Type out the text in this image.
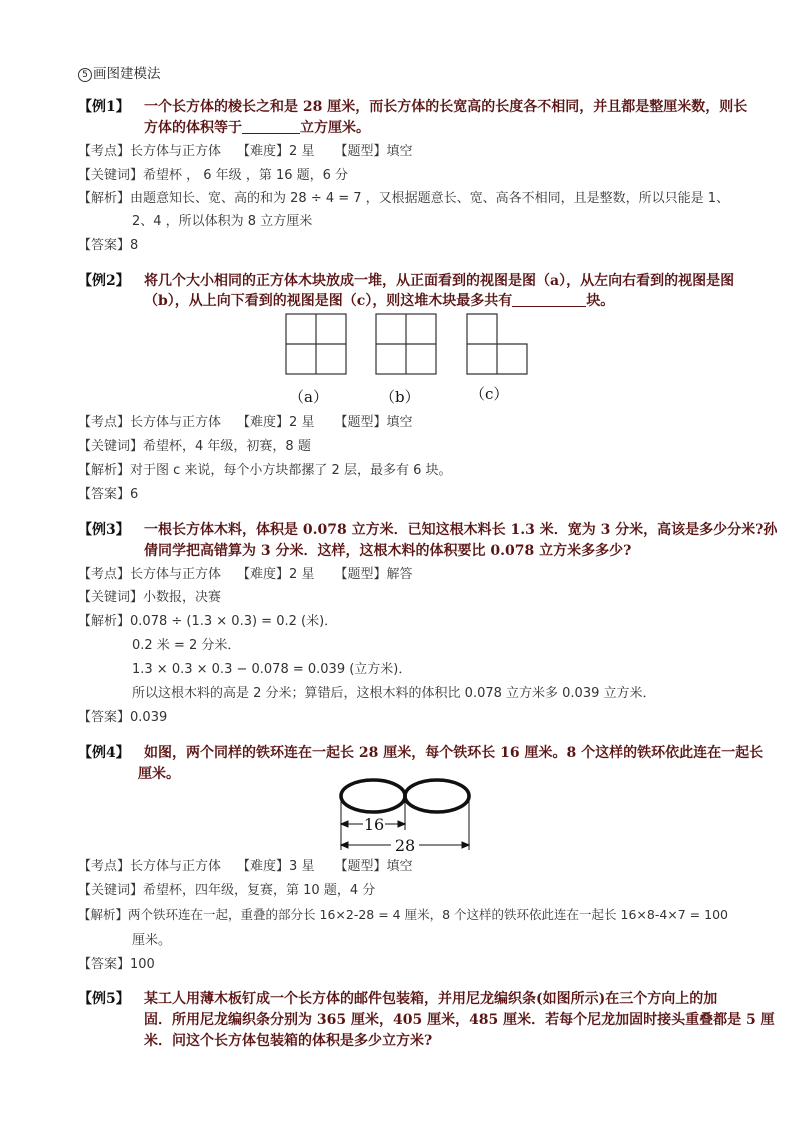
5 画图建模法
【例1】 一个长方体的棱长之和是 28 厘米，而长方体的长宽高的长度各不相同，并且都是整厘米数，则长
方体的体积等于	立方厘米。
【考点】长方体与正方体 【难度】2 星 【题型】填空
【关键词】希望杯 ， 6 年级 ，第 16 题，6 分
【解析】由题意知长、宽、高的和为 28 ÷ 4 = 7 ，又根据题意长、宽、高各不相同，且是整数，所以只能是 1、
2、4 ，所以体积为 8 立方厘米
【答案】8
【例2】 将几个大小相同的正方体木块放成一堆，从正面看到的视图是图（a），从左向右看到的视图是图
（b），从上向下看到的视图是图（c），则这堆木块最多共有	块。
（a）	（b）	（c）
【考点】长方体与正方体 【难度】2 星 【题型】填空
【关键词】希望杯，4 年级，初赛，8 题
【解析】对于图 c 来说，每个小方块都摞了 2 层，最多有 6 块。
【答案】6
【例3】 一根长方体木料，体积是 0.078 立方米．已知这根木料长 1.3 米．宽为 3 分米，高该是多少分米?孙
倩同学把高错算为 3 分米．这样，这根木料的体积要比 0.078 立方米多多少?
【考点】长方体与正方体 【难度】2 星 【题型】解答
【关键词】小数报，决赛
【解析】0.078 ÷ (1.3 × 0.3) = 0.2 (米)．
0.2 米 = 2 分米．
1.3 × 0.3 × 0.3 − 0.078 = 0.039 (立方米)．
所以这根木料的高是 2 分米；算错后，这根木料的体积比 0.078 立方米多 0.039 立方米．
【答案】0.039
【例4】 如图，两个同样的铁环连在一起长 28 厘米，每个铁环长 16 厘米。8 个这样的铁环依此连在一起长
厘米。
16
28
【考点】长方体与正方体 【难度】3 星 【题型】填空
【关键词】希望杯，四年级，复赛，第 10 题，4 分
【解析】两个铁环连在一起，重叠的部分长 16×2-28 = 4 厘米，8 个这样的铁环依此连在一起长 16×8-4×7 = 100
厘米。
【答案】100
【例5】 某工人用薄木板钉成一个长方体的邮件包装箱，并用尼龙编织条(如图所示)在三个方向上的加
固．所用尼龙编织条分别为 365 厘米，405 厘米，485 厘米．若每个尼龙加固时接头重叠都是 5 厘
米．问这个长方体包装箱的体积是多少立方米?
